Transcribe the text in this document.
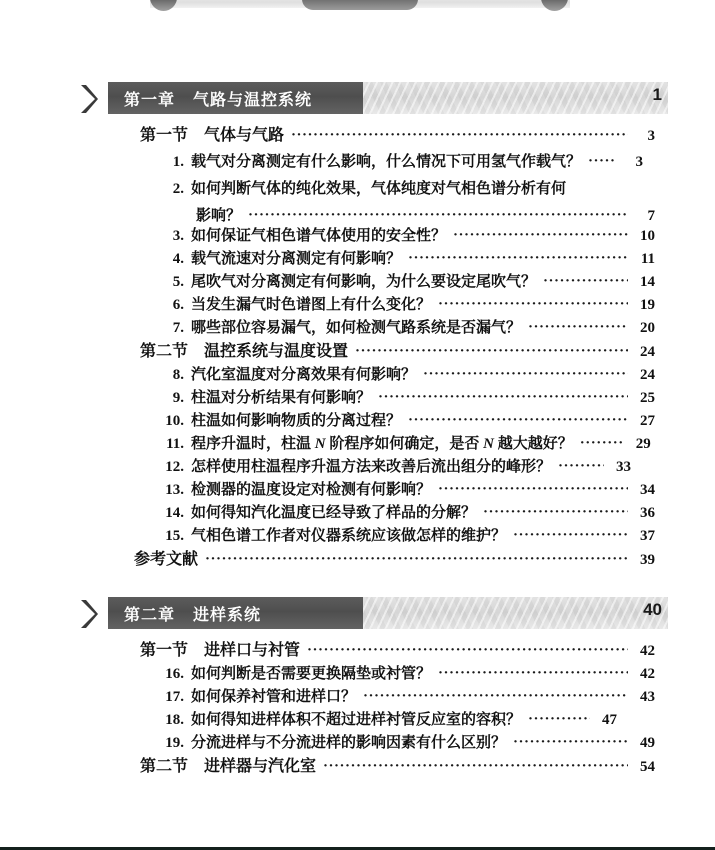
第一章 气路与温控系统	1
第一节 气体与气路 ·····	3
1. 载气对分离测定有什么影响，什么情况下可用氢气作载气？ ·····	3
2. 如何判断气体的纯化效果，气体纯度对气相色谱分析有何
影响？ ·····	7
3. 如何保证气相色谱气体使用的安全性？ ·····	10
4. 载气流速对分离测定有何影响？ ·····	11
5. 尾吹气对分离测定有何影响，为什么要设定尾吹气？ ·····	14
6. 当发生漏气时色谱图上有什么变化？ ·····	19
7. 哪些部位容易漏气，如何检测气路系统是否漏气？ ·····	20
第二节 温控系统与温度设置 ·····	24
8. 汽化室温度对分离效果有何影响？ ·····	24
9. 柱温对分析结果有何影响？ ·····	25
10. 柱温如何影响物质的分离过程？ ·····	27
11. 程序升温时，柱温 N 阶程序如何确定，是否 N 越大越好？ ·····	29
12. 怎样使用柱温程序升温方法来改善后流出组分的峰形？ ·····	33
13. 检测器的温度设定对检测有何影响？ ·····	34
14. 如何得知汽化温度已经导致了样品的分解？ ·····	36
15. 气相色谱工作者对仪器系统应该做怎样的维护？ ·····	37
参考文献 ·····	39
第二章 进样系统	40
第一节 进样口与衬管 ·····	42
16. 如何判断是否需要更换隔垫或衬管？ ·····	42
17. 如何保养衬管和进样口？ ·····	43
18. 如何得知进样体积不超过进样衬管反应室的容积？ ·····	47
19. 分流进样与不分流进样的影响因素有什么区别？ ·····	49
第二节 进样器与汽化室 ·····	54
